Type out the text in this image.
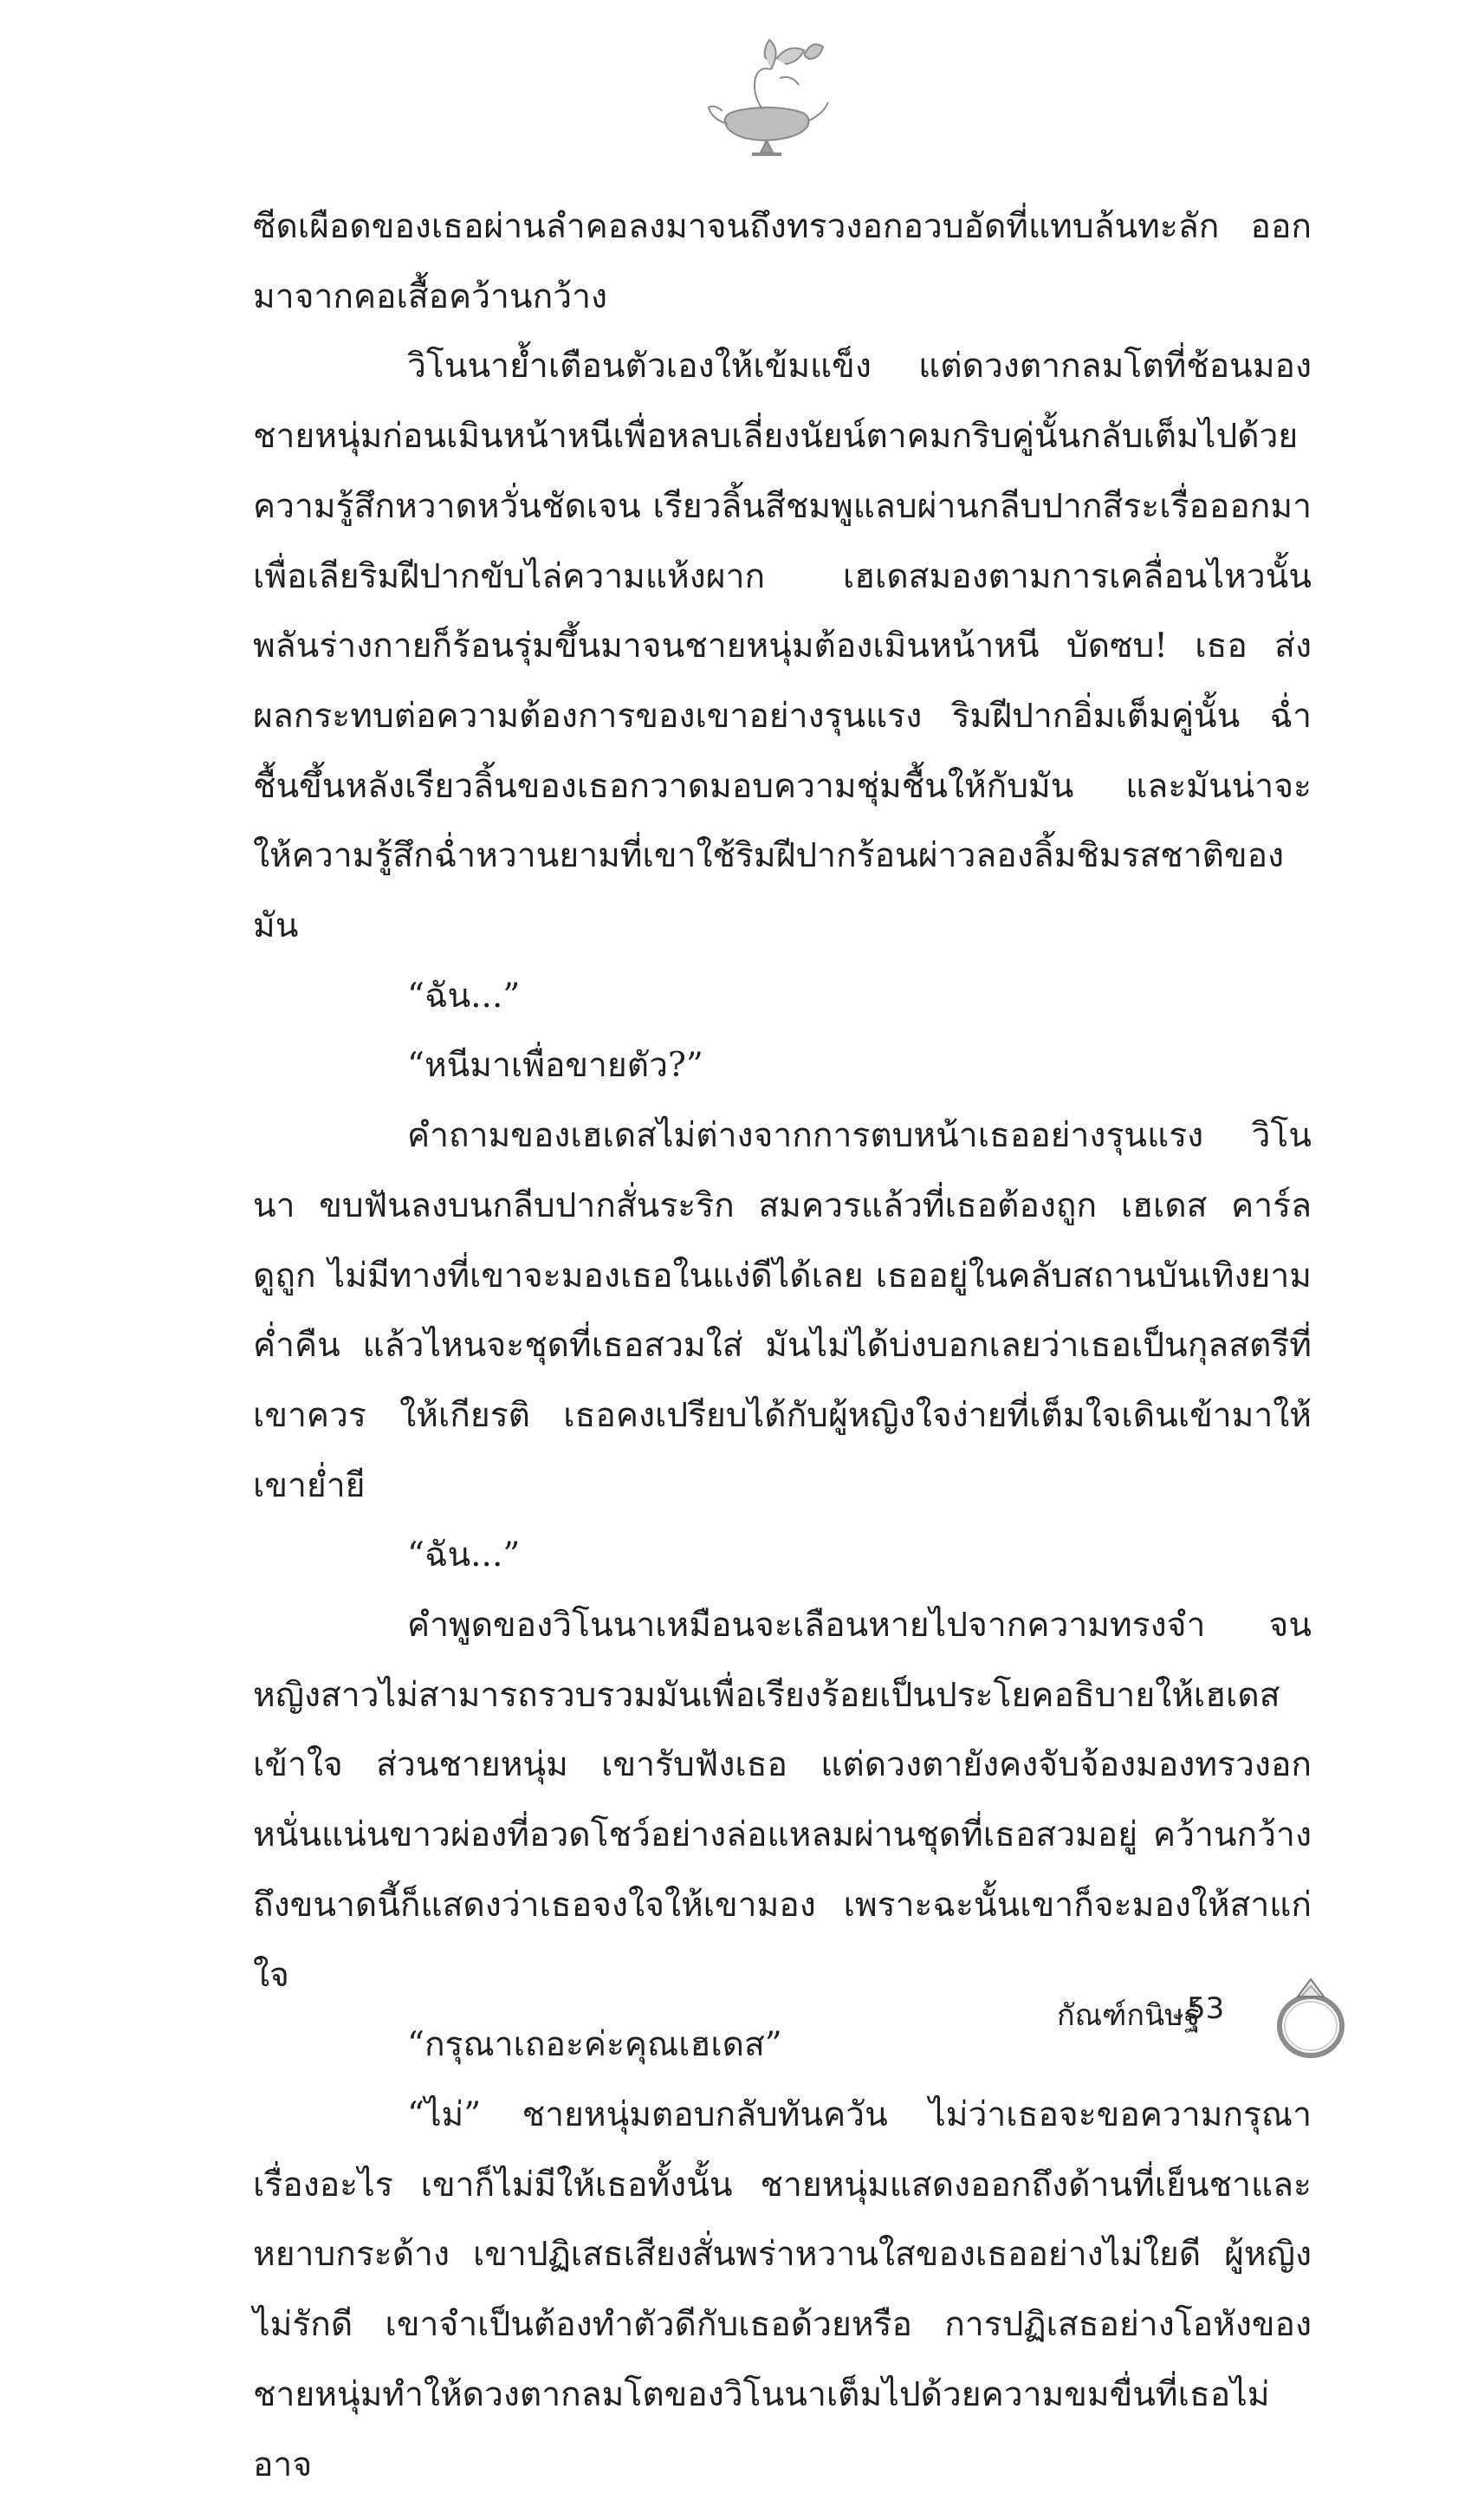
ซีดเผือดของเธอผ่านลำคอลงมาจนถึงทรวงอกอวบอัดที่แทบล้นทะลัก ออกมาจากคอเสื้อคว้านกว้าง

วิโนนาย้ำเตือนตัวเองให้เข้มแข็ง แต่ดวงตากลมโตที่ช้อนมอง ชายหนุ่มก่อนเมินหน้าหนีเพื่อหลบเลี่ยงนัยน์ตาคมกริบคู่นั้นกลับเต็มไปด้วย ความรู้สึกหวาดหวั่นชัดเจน เรียวลิ้นสีชมพูแลบผ่านกลีบปากสีระเรื่อออกมา เพื่อเลียริมฝีปากขับไล่ความแห้งผาก เฮเดสมองตามการเคลื่อนไหวนั้น พลันร่างกายก็ร้อนรุ่มขึ้นมาจนชายหนุ่มต้องเมินหน้าหนี บัดซบ! เธอ ส่งผลกระทบต่อความต้องการของเขาอย่างรุนแรง ริมฝีปากอิ่มเต็มคู่นั้น ฉ่ำชื้นขึ้นหลังเรียวลิ้นของเธอกวาดมอบความชุ่มชื้นให้กับมัน และมันน่าจะ ให้ความรู้สึกฉ่ำหวานยามที่เขาใช้ริมฝีปากร้อนผ่าวลองลิ้มชิมรสชาติของมัน

“ฉัน...”

“หนีมาเพื่อขายตัว?”

คำถามของเฮเดสไม่ต่างจากการตบหน้าเธออย่างรุนแรง วิโนนา ขบฟันลงบนกลีบปากสั่นระริก สมควรแล้วที่เธอต้องถูก เฮเดส คาร์ล ดูถูก ไม่มีทางที่เขาจะมองเธอในแง่ดีได้เลย เธออยู่ในคลับสถานบันเทิงยามค่ำคืน แล้วไหนจะชุดที่เธอสวมใส่ มันไม่ได้บ่งบอกเลยว่าเธอเป็นกุลสตรีที่เขาควร ให้เกียรติ เธอคงเปรียบได้กับผู้หญิงใจง่ายที่เต็มใจเดินเข้ามาให้เขาย่ำยี

“ฉัน...”

คำพูดของวิโนนาเหมือนจะเลือนหายไปจากความทรงจำ จน หญิงสาวไม่สามารถรวบรวมมันเพื่อเรียงร้อยเป็นประโยคอธิบายให้เฮเดส เข้าใจ ส่วนชายหนุ่ม เขารับฟังเธอ แต่ดวงตายังคงจับจ้องมองทรวงอก หนั่นแน่นขาวผ่องที่อวดโชว์อย่างล่อแหลมผ่านชุดที่เธอสวมอยู่ คว้านกว้าง ถึงขนาดนี้ก็แสดงว่าเธอจงใจให้เขามอง เพราะฉะนั้นเขาก็จะมองให้สาแก่ใจ

“กรุณาเถอะค่ะคุณเฮเดส”

“ไม่” ชายหนุ่มตอบกลับทันควัน ไม่ว่าเธอจะขอความกรุณา เรื่องอะไร เขาก็ไม่มีให้เธอทั้งนั้น ชายหนุ่มแสดงออกถึงด้านที่เย็นชาและ หยาบกระด้าง เขาปฏิเสธเสียงสั่นพร่าหวานใสของเธออย่างไม่ใยดี ผู้หญิง ไม่รักดี เขาจำเป็นต้องทำตัวดีกับเธอด้วยหรือ การปฏิเสธอย่างโอหังของ ชายหนุ่มทำให้ดวงตากลมโตของวิโนนาเต็มไปด้วยความขมขื่นที่เธอไม่อาจ

กัณฑ์กนิษฐ์
53
